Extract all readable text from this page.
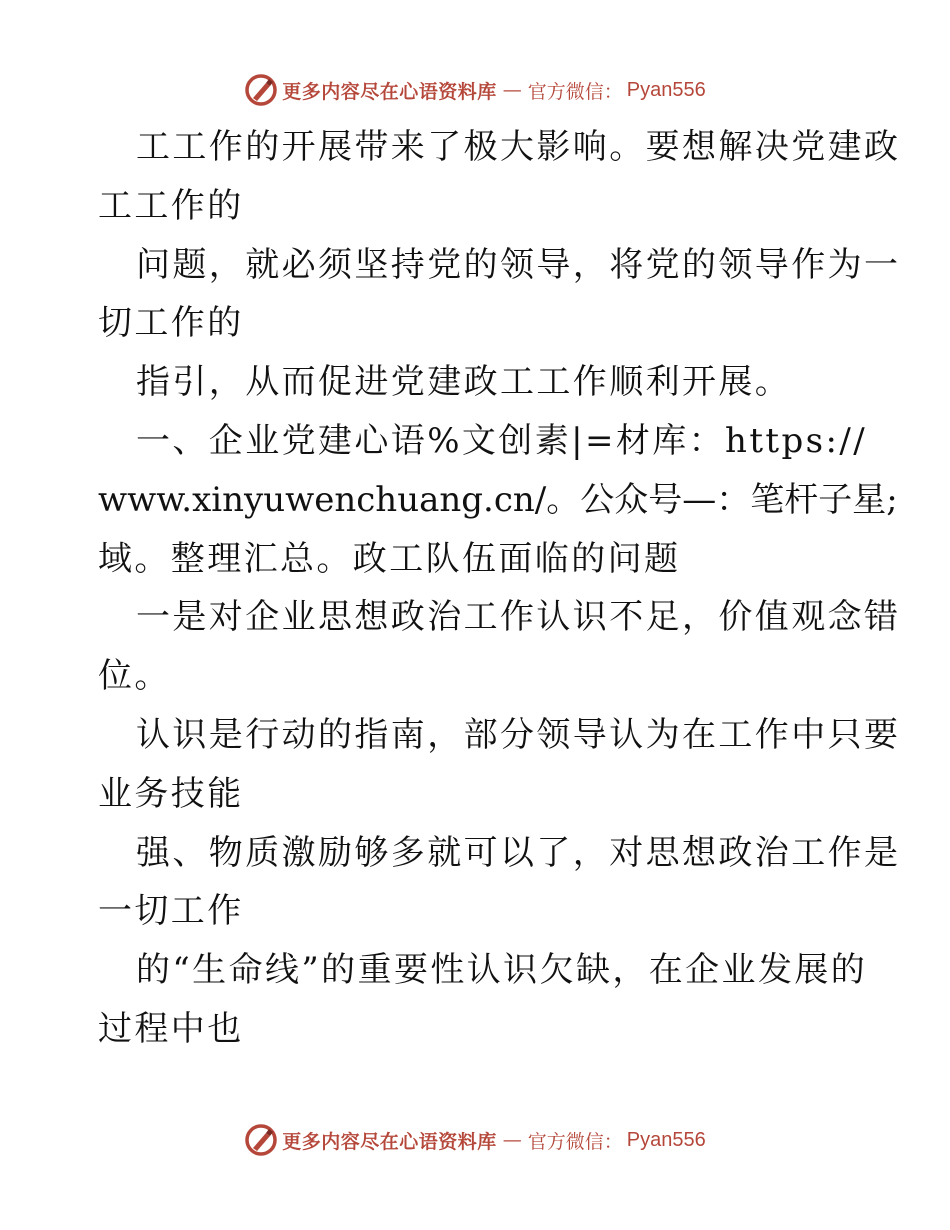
更多内容尽在心语资料库 — 官方微信： Pyan556
工工作的开展带来了极大影响。要想解决党建政
工工作的
问题，就必须坚持党的领导，将党的领导作为一
切工作的
指引，从而促进党建政工工作顺利开展。
一、企业党建心语%文创素|=材库：https://
www.xinyuwenchuang.cn/。公众号—：笔杆子星;
域。整理汇总。政工队伍面临的问题
一是对企业思想政治工作认识不足，价值观念错
位。
认识是行动的指南，部分领导认为在工作中只要
业务技能
强、物质激励够多就可以了，对思想政治工作是
一切工作
的“生命线”的重要性认识欠缺，在企业发展的
过程中也
更多内容尽在心语资料库 — 官方微信： Pyan556
